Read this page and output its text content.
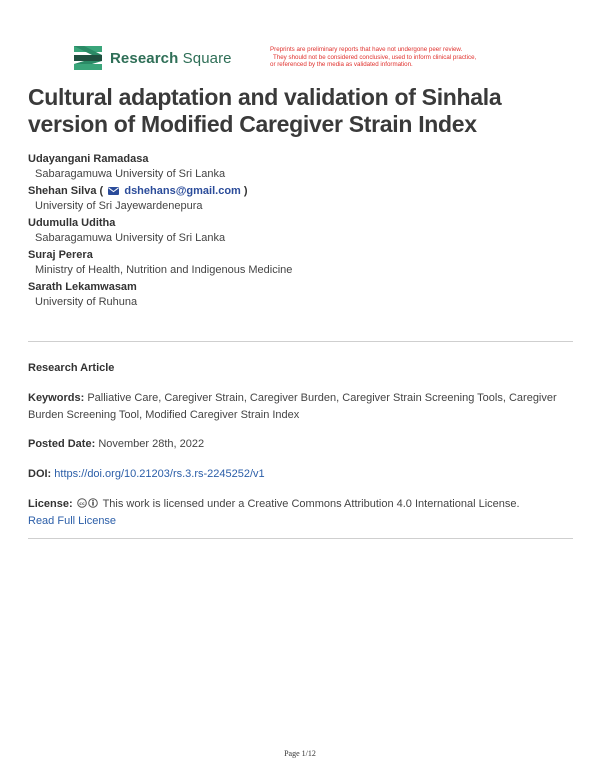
Research Square	Preprints are preliminary reports that have not undergone peer review.
They should not be considered conclusive, used to inform clinical practice,
or referenced by the media as validated information.
Cultural adaptation and validation of Sinhala version of Modified Caregiver Strain Index
Udayangani Ramadasa
Sabaragamuwa University of Sri Lanka
Shehan Silva ( dshehans@gmail.com )
University of Sri Jayewardenepura
Udumulla Uditha
Sabaragamuwa University of Sri Lanka
Suraj Perera
Ministry of Health, Nutrition and Indigenous Medicine
Sarath Lekamwasam
University of Ruhuna
Research Article
Keywords: Palliative Care, Caregiver Strain, Caregiver Burden, Caregiver Strain Screening Tools, Caregiver Burden Screening Tool, Modified Caregiver Strain Index
Posted Date: November 28th, 2022
DOI: https://doi.org/10.21203/rs.3.rs-2245252/v1
License: cc This work is licensed under a Creative Commons Attribution 4.0 International License.
Read Full License
Page 1/12
